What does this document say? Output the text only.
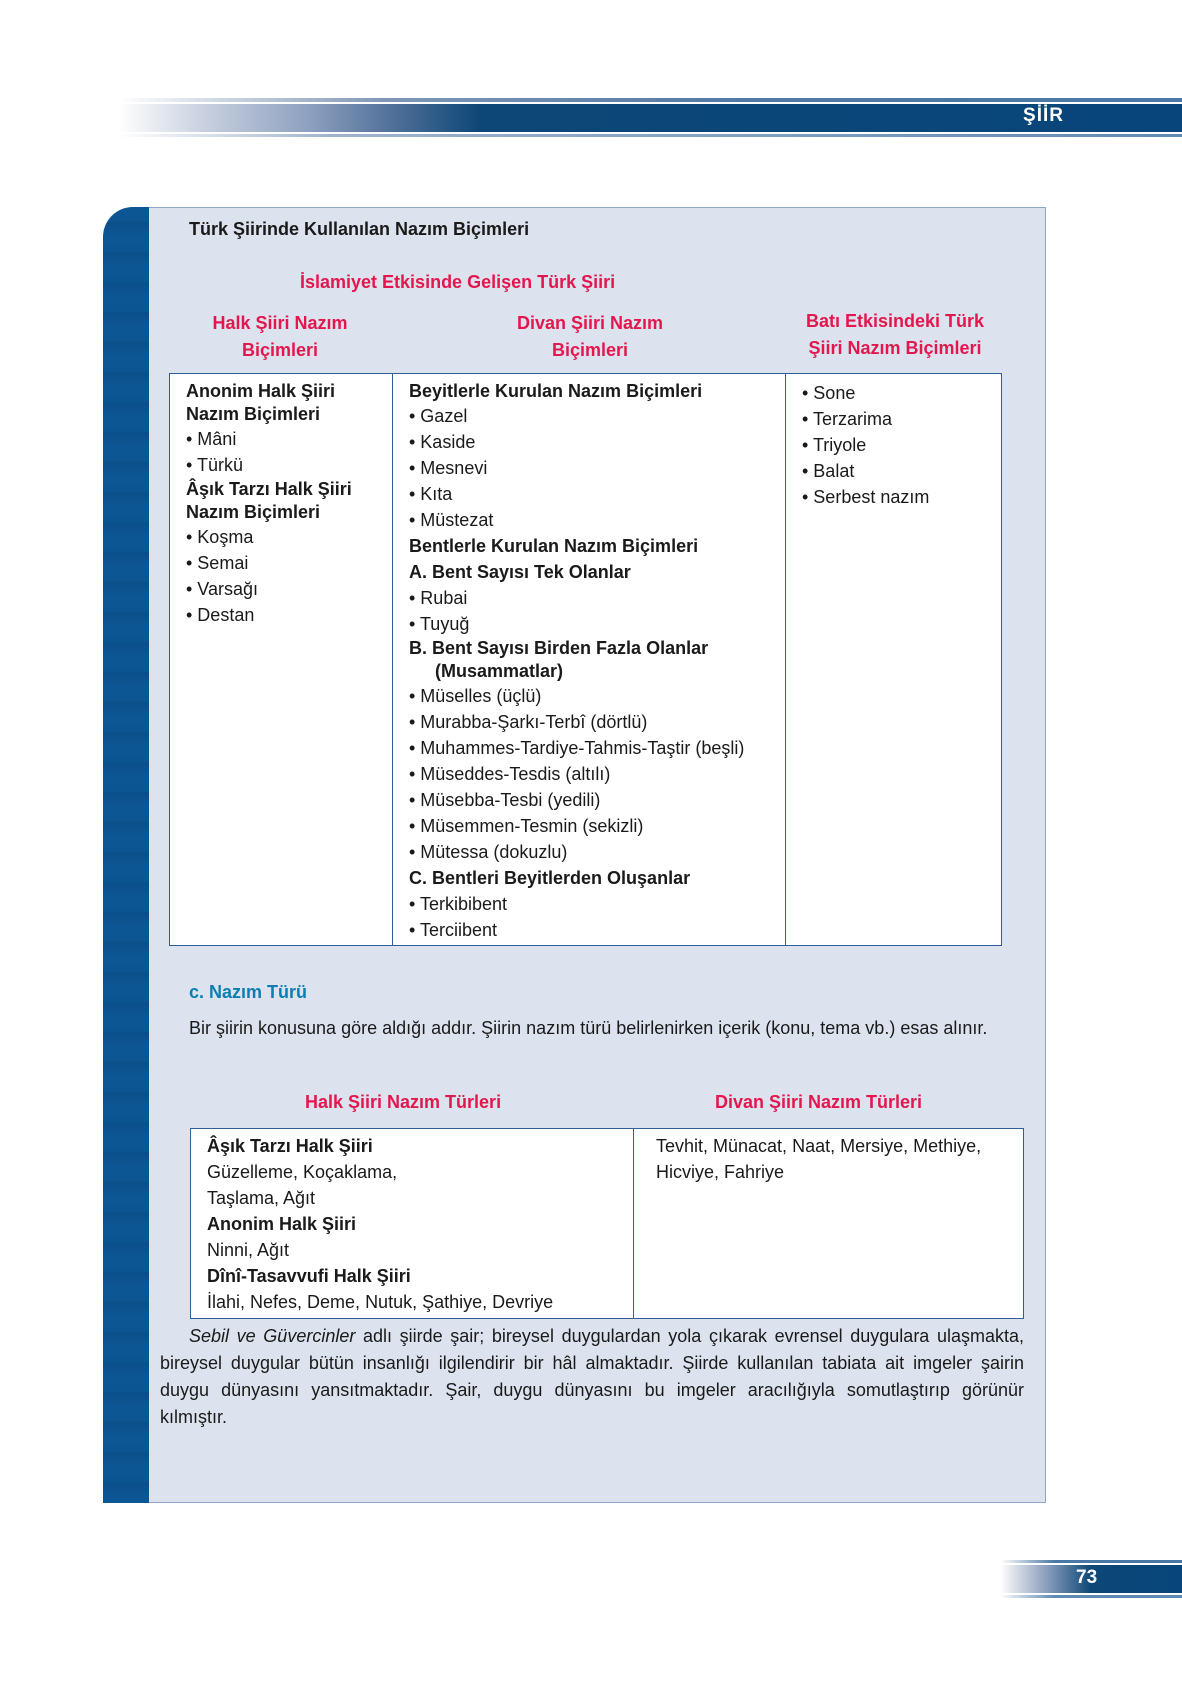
ŞİİR
Türk Şiirinde Kullanılan Nazım Biçimleri
İslamiyet Etkisinde Gelişen Türk Şiiri
Halk Şiiri Nazım
Biçimleri
Divan Şiiri Nazım
Biçimleri
Batı Etkisindeki Türk
Şiiri Nazım Biçimleri
Anonim Halk Şiiri
Nazım Biçimleri
• Mâni
• Türkü
Âşık Tarzı Halk Şiiri
Nazım Biçimleri
• Koşma
• Semai
• Varsağı
• Destan
Beyitlerle Kurulan Nazım Biçimleri
• Gazel
• Kaside
• Mesnevi
• Kıta
• Müstezat
Bentlerle Kurulan Nazım Biçimleri
A. Bent Sayısı Tek Olanlar
• Rubai
• Tuyuğ
B. Bent Sayısı Birden Fazla Olanlar
(Musammatlar)
• Müselles (üçlü)
• Murabba-Şarkı-Terbî (dörtlü)
• Muhammes-Tardiye-Tahmis-Taştir (beşli)
• Müseddes-Tesdis (altılı)
• Müsebba-Tesbi (yedili)
• Müsemmen-Tesmin (sekizli)
• Mütessa (dokuzlu)
C. Bentleri Beyitlerden Oluşanlar
• Terkibibent
• Terciibent
• Sone
• Terzarima
• Triyole
• Balat
• Serbest nazım
c. Nazım Türü
Bir şiirin konusuna göre aldığı addır. Şiirin nazım türü belirlenirken içerik (konu, tema vb.) esas alınır.
Halk Şiiri Nazım Türleri	Divan Şiiri Nazım Türleri
Âşık Tarzı Halk Şiiri
Güzelleme, Koçaklama,
Taşlama, Ağıt
Anonim Halk Şiiri
Ninni, Ağıt
Dînî-Tasavvufi Halk Şiiri
İlahi, Nefes, Deme, Nutuk, Şathiye, Devriye
Tevhit, Münacat, Naat, Mersiye, Methiye,
Hicviye, Fahriye
Sebil ve Güvercinler adlı şiirde şair; bireysel duygulardan yola çıkarak evrensel duygulara ulaşmakta, bireysel duygular bütün insanlığı ilgilendirir bir hâl almaktadır. Şiirde kullanılan tabiata ait imgeler şairin duygu dünyasını yansıtmaktadır. Şair, duygu dünyasını bu imgeler aracılığıyla somutlaştırıp görünür kılmıştır.
73
